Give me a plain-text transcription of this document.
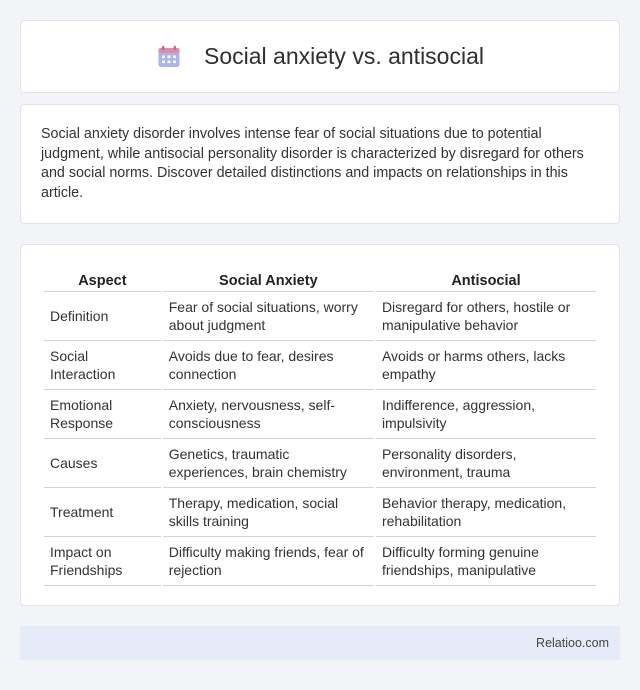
Social anxiety vs. antisocial

Social anxiety disorder involves intense fear of social situations due to potential judgment, while antisocial personality disorder is characterized by disregard for others and social norms. Discover detailed distinctions and impacts on relationships in this article.

Aspect	Social Anxiety	Antisocial
Definition	Fear of social situations, worry about judgment	Disregard for others, hostile or manipulative behavior
Social Interaction	Avoids due to fear, desires connection	Avoids or harms others, lacks empathy
Emotional Response	Anxiety, nervousness, self-consciousness	Indifference, aggression, impulsivity
Causes	Genetics, traumatic experiences, brain chemistry	Personality disorders, environment, trauma
Treatment	Therapy, medication, social skills training	Behavior therapy, medication, rehabilitation
Impact on Friendships	Difficulty making friends, fear of rejection	Difficulty forming genuine friendships, manipulative
Relatioo.com
